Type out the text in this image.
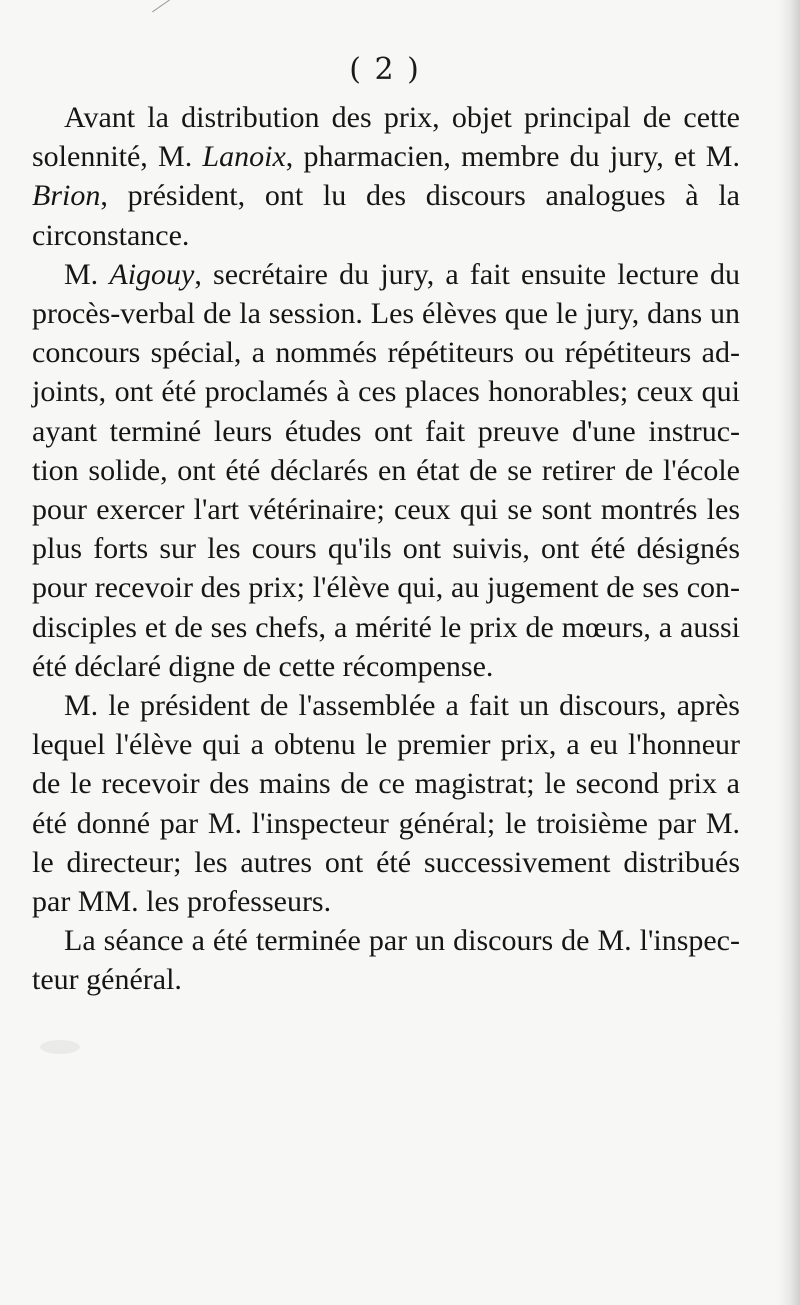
( 2 )

Avant la distribution des prix, objet principal de cette solennité, M. Lanoix, pharmacien, membre du jury, et M. Brion, président, ont lu des discours analogues à la circonstance.

M. Aigouy, secrétaire du jury, a fait ensuite lecture du procès-verbal de la session. Les élèves que le jury, dans un concours spécial, a nommés répétiteurs ou répétiteurs ad-joints, ont été proclamés à ces places honorables; ceux qui ayant terminé leurs études ont fait preuve d'une instruc-tion solide, ont été déclarés en état de se retirer de l'école pour exercer l'art vétérinaire; ceux qui se sont montrés les plus forts sur les cours qu'ils ont suivis, ont été désignés pour recevoir des prix; l'élève qui, au jugement de ses con-disciples et de ses chefs, a mérité le prix de mœurs, a aussi été déclaré digne de cette récompense.

M. le président de l'assemblée a fait un discours, après lequel l'élève qui a obtenu le premier prix, a eu l'honneur de le recevoir des mains de ce magistrat; le second prix a été donné par M. l'inspecteur général; le troisième par M. le directeur; les autres ont été successivement distribués par MM. les professeurs.

La séance a été terminée par un discours de M. l'inspec-teur général.
